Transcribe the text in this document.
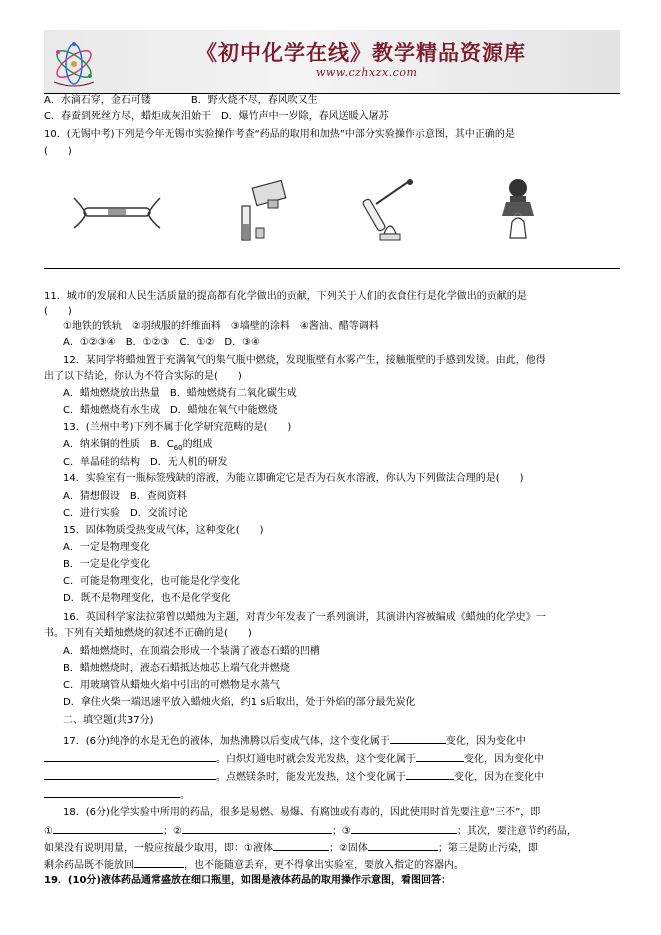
《初中化学在线》教学精品资源库
www.czhxzx.com
A．水滴石穿，金石可镂　　　　B．野火烧不尽，春风吹又生
C．春蚕到死丝方尽，蜡炬成灰泪始干　D．爆竹声中一岁除，春风送暖入屠苏
10．(无锡中考)下列是今年无锡市实验操作考查“药品的取用和加热”中部分实验操作示意图，其中正确的是
(　　)
11．城市的发展和人民生活质量的提高都有化学做出的贡献，下列关于人们的衣食住行是化学做出的贡献的是
(　　)
①地铁的铁轨　②羽绒服的纤维面料　③墙壁的涂料　④酱油、醋等调料
A．①②③④　B．①②③　C．①②　D．③④
12．某同学将蜡烛置于充满氧气的集气瓶中燃烧，发现瓶壁有水雾产生，接触瓶壁的手感到发烫。由此，他得
出了以下结论，你认为不符合实际的是(　　)
A．蜡烛燃烧放出热量　B．蜡烛燃烧有二氧化碳生成
C．蜡烛燃烧有水生成　D．蜡烛在氧气中能燃烧
13．(兰州中考)下列不属于化学研究范畴的是(　　)
A．纳米铜的性质　B．$C_{60}$的组成
C．单晶硅的结构　D．无人机的研发
14．实验室有一瓶标签残缺的溶液，为能立即确定它是否为石灰水溶液，你认为下列做法合理的是(　　)
A．猜想假设　B．查阅资料
C．进行实验　D．交流讨论
15．固体物质受热变成气体，这种变化(　　)
A．一定是物理变化
B．一定是化学变化
C．可能是物理变化，也可能是化学变化
D．既不是物理变化，也不是化学变化
16．英国科学家法拉第曾以蜡烛为主题，对青少年发表了一系列演讲，其演讲内容被编成《蜡烛的化学史》一
书。下列有关蜡烛燃烧的叙述不正确的是(　　)
A．蜡烛燃烧时，在顶端会形成一个装满了液态石蜡的凹槽
B．蜡烛燃烧时，液态石蜡抵达烛芯上端气化并燃烧
C．用玻璃管从蜡烛火焰中引出的可燃物是水蒸气
D．拿住火柴一端迅速平放入蜡烛火焰，约1 s后取出，处于外焰的部分最先炭化
二、填空题(共37分)
17．(6分)纯净的水是无色的液体，加热沸腾以后变成气体，这个变化属于	变化，因为变化中
。白炽灯通电时就会发光发热，这个变化属于	变化，因为变化中
。点燃镁条时，能发光发热，这个变化属于	变化，因为在变化中
。
18．(6分)化学实验中所用的药品，很多是易燃、易爆、有腐蚀或有毒的，因此使用时首先要注意“三不”，即
①	；②	；③	；其次，要注意节约药品，
如果没有说明用量，一般应按最少取用，即：①液体	；②固体	；第三是防止污染，即
剩余药品既不能放回	，也不能随意丢弃，更不得拿出实验室，要放入指定的容器内。
19．(10分)液体药品通常盛放在细口瓶里，如图是液体药品的取用操作示意图，看图回答：
